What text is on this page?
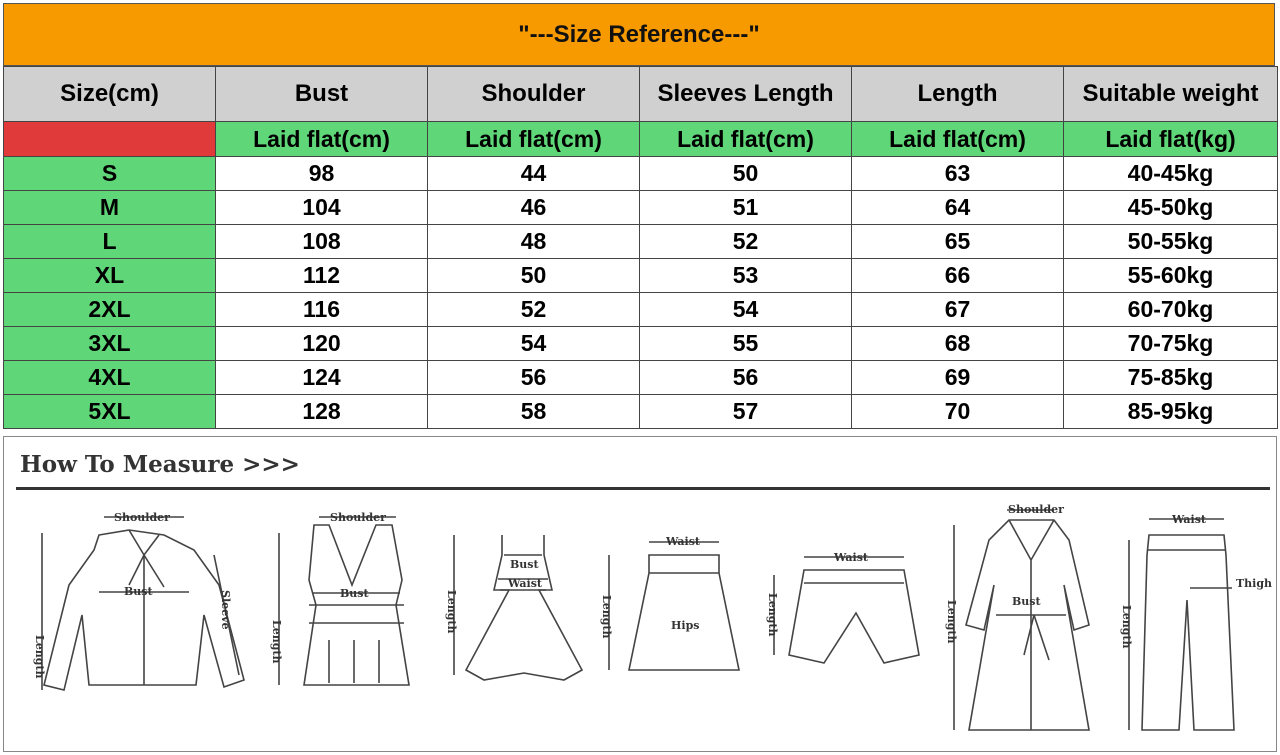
"---Size Reference---"
Size(cm)	Bust	Shoulder	Sleeves Length	Length	Suitable weight
	Laid flat(cm)	Laid flat(cm)	Laid flat(cm)	Laid flat(cm)	Laid flat(kg)
S	98	44	50	63	40-45kg
M	104	46	51	64	45-50kg
L	108	48	52	65	50-55kg
XL	112	50	53	66	55-60kg
2XL	116	52	54	67	60-70kg
3XL	120	54	55	68	70-75kg
4XL	124	56	56	69	75-85kg
5XL	128	58	57	70	85-95kg
How To Measure >>>
Shoulder
Bust
Length
Sleeve
Shoulder
Bust
Length
Bust
Waist
Length
Waist
Hips
Length
Waist
Length
Shoulder
Bust
Length
Waist
Thigh
Length
